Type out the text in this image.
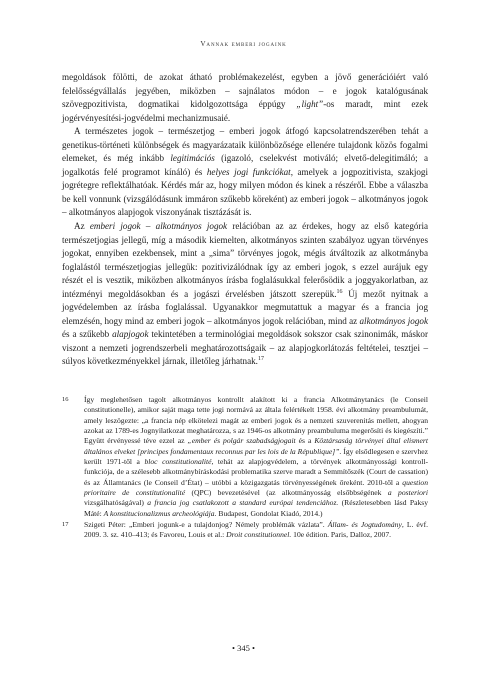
Vannak emberi jogaink

megoldások fölötti, de azokat átható problémakezelést, egyben a jövő generációiért való felelősségvállalás jegyében, miközben – sajnálatos módon – e jogok katalógusának szövegpozitivista, dogmatikai kidolgozottsága éppúgy „light”-os maradt, mint ezek jogérvényesítési-jogvédelmi mechanizmusaié.

A természetes jogok – természetjog – emberi jogok átfogó kapcsolatrendszerében tehát a genetikus-történeti különbségek és magyarázataik különbözősége ellenére tulajdonk közös fogalmi elemeket, és még inkább legitimációs (igazoló, cselekvést motiváló; elvető-delegitimáló; a jogalkotás felé programot kínáló) és helyes jogi funkciókat, amelyek a jogpozitivista, szakjogi jogrétegre reflektálhatóak. Kérdés már az, hogy milyen módon és kinek a részéről. Ebbe a válaszba be kell vonnunk (vizsgálódásunk immáron szűkebb köreként) az emberi jogok – alkotmányos jogok – alkotmányos alapjogok viszonyának tisztázását is.

Az emberi jogok – alkotmányos jogok relációban az az érdekes, hogy az első kategória természetjogias jellegű, míg a második kiemelten, alkotmányos szinten szabályoz ugyan törvényes jogokat, ennyiben ezekbensek, mint a „sima” törvényes jogok, mégis átváltozik az alkotmányba foglalástól természetjogias jellegük: pozitivizálódnak így az emberi jogok, s ezzel aurájuk egy részét el is vesztik, miközben alkotmányos írásba foglalásukkal felerősödik a joggyakorlatban, az intézményi megoldásokban és a jogászi érvelésben játszott szerepük.$^{16}$ Új mezőt nyitnak a jogvédelemben az írásba foglalással. Ugyanakkor megmutattuk a magyar és a francia jog elemzésén, hogy mind az emberi jogok – alkotmányos jogok relációban, mind az alkotmányos jogok és a szűkebb alapjogok tekintetében a terminológiai megoldások sokszor csak szinonimák, máskor viszont a nemzeti jogrendszerbeli meghatározottságaik – az alapjogkorlátozás feltételei, tesztjei – súlyos következményekkel járnak, illetőleg járhatnak.$^{17}$

16 Így meglehetősen tagolt alkotmányos kontrollt alakított ki a francia Alkotmánytanács (le Conseil constitutionelle), amikor saját maga tette jogi normává az általa felértékelt 1958. évi alkotmány preambulumát, amely leszögezte: „a francia nép elkötelezi magát az emberi jogok és a nemzeti szuverenitás mellett, ahogyan azokat az 1789-es Jognyilatkozat meghatározza, s az 1946-os alkotmány preambuluma megerősíti és kiegészíti.” Együtt érvényessé téve ezzel az „ember és polgár szabadságjogait és a Köztársaság törvényei által elismert általános elveket [principes fondamentaux reconnus par les lois de la République]”. Így elsődlegesen e szervhez került 1971-től a bloc constitutionalité, tehát az alapjogvédelem, a törvények alkotmányossági kontroll-funkciója, de a szélesebb alkotmánybíráskodási problematika szerve maradt a Semmítőszék (Court de cassation) és az Államtanács (le Conseil d’État) – utóbbi a közigazgatás törvényességének őreként. 2010-től a question prioritaire de constitutionalité (QPC) bevezetésével (az alkotmányosság elsőbbségének a posteriori vizsgálhatóságával) a francia jog csatlakozott a standard európai tendenciához. (Részletesebben lásd Paksy Máté: A konstitucionalizmus archeológiája. Budapest, Gondolat Kiadó, 2014.)
17 Szigeti Péter: „Emberi jogunk-e a tulajdonjog? Némely problémák vázlata”. Állam- és Jogtudomány, L. évf. 2009. 3. sz. 410–413; és Favoreu, Louis et al.: Droit constitutionnel. 10e édition. Paris, Dalloz, 2007.
• 345 •
